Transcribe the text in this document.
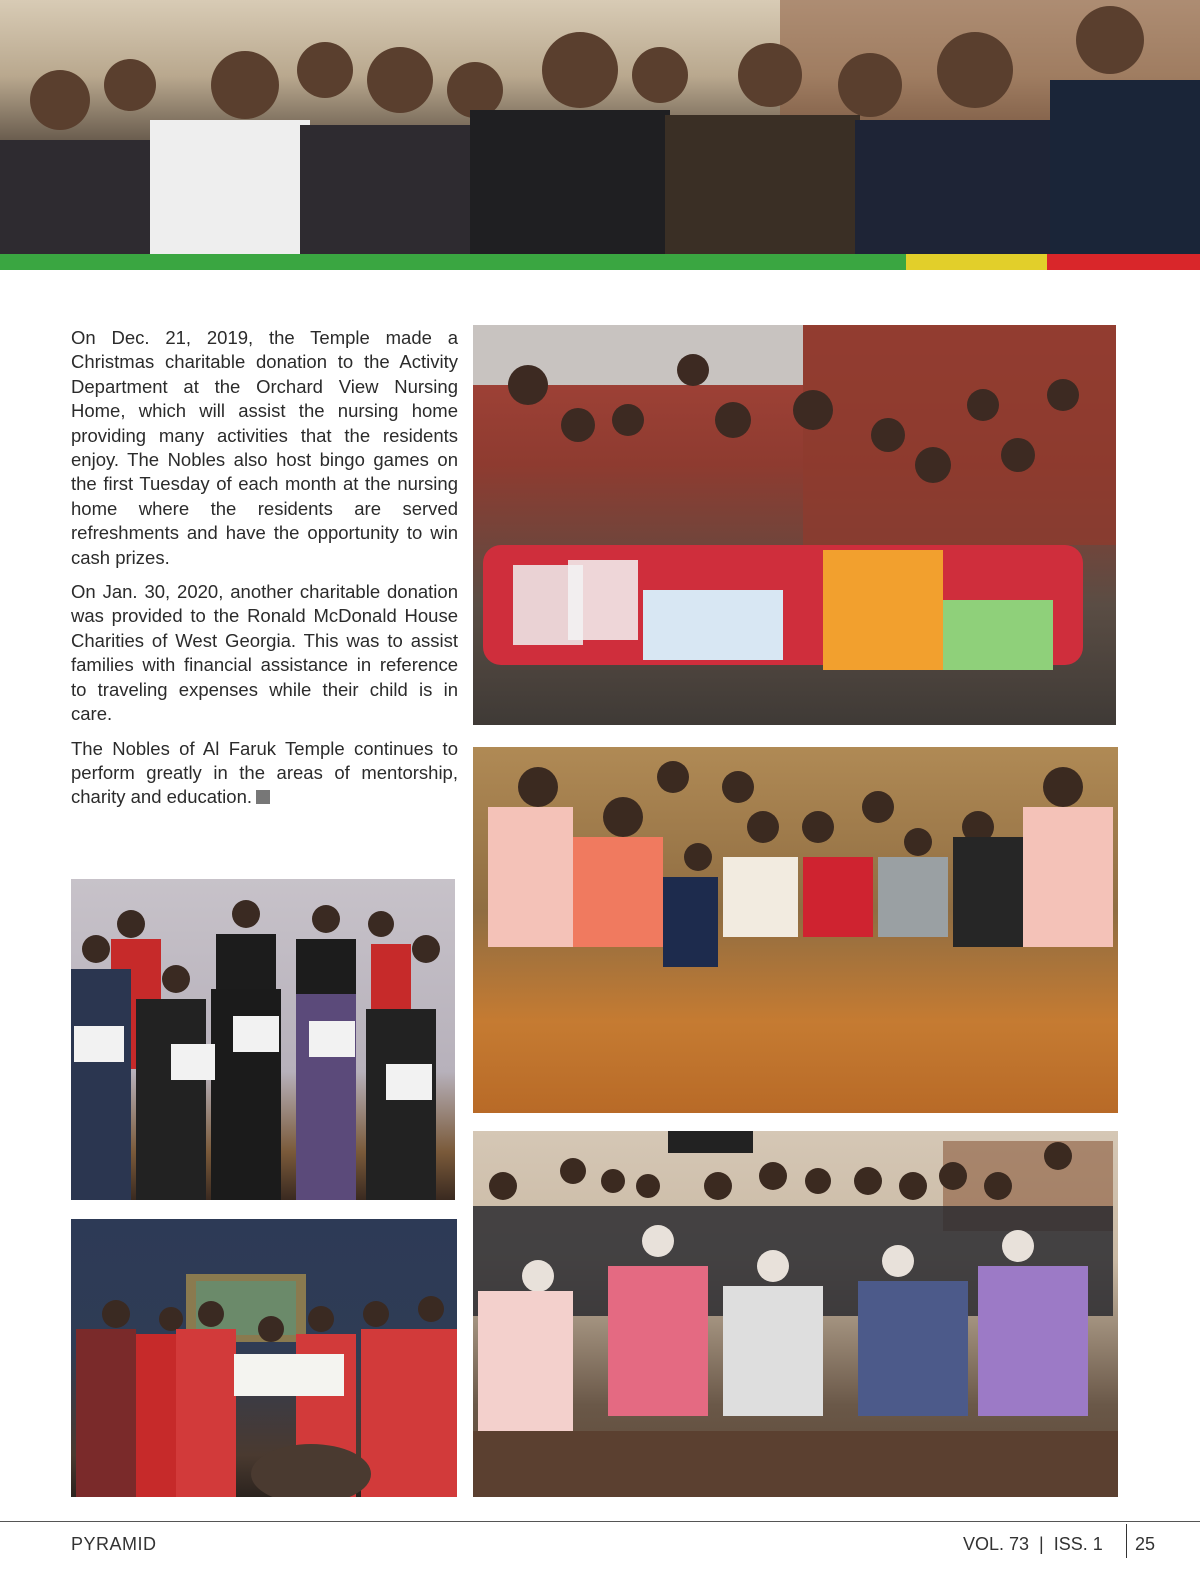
On Dec. 21, 2019, the Temple made a Christmas charitable donation to the Activity Department at the Orchard View Nursing Home, which will assist the nursing home providing many activities that the residents enjoy. The Nobles also host bingo games on the first Tuesday of each month at the nursing home where the residents are served refreshments and have the opportunity to win cash prizes.

On Jan. 30, 2020, another charitable donation was provided to the Ronald McDonald House Charities of West Georgia. This was to assist families with financial assistance in reference to traveling expenses while their child is in care.

The Nobles of Al Faruk Temple continues to perform greatly in the areas of mentorship, charity and education.

PYRAMID	VOL. 73  |  ISS. 1 25
